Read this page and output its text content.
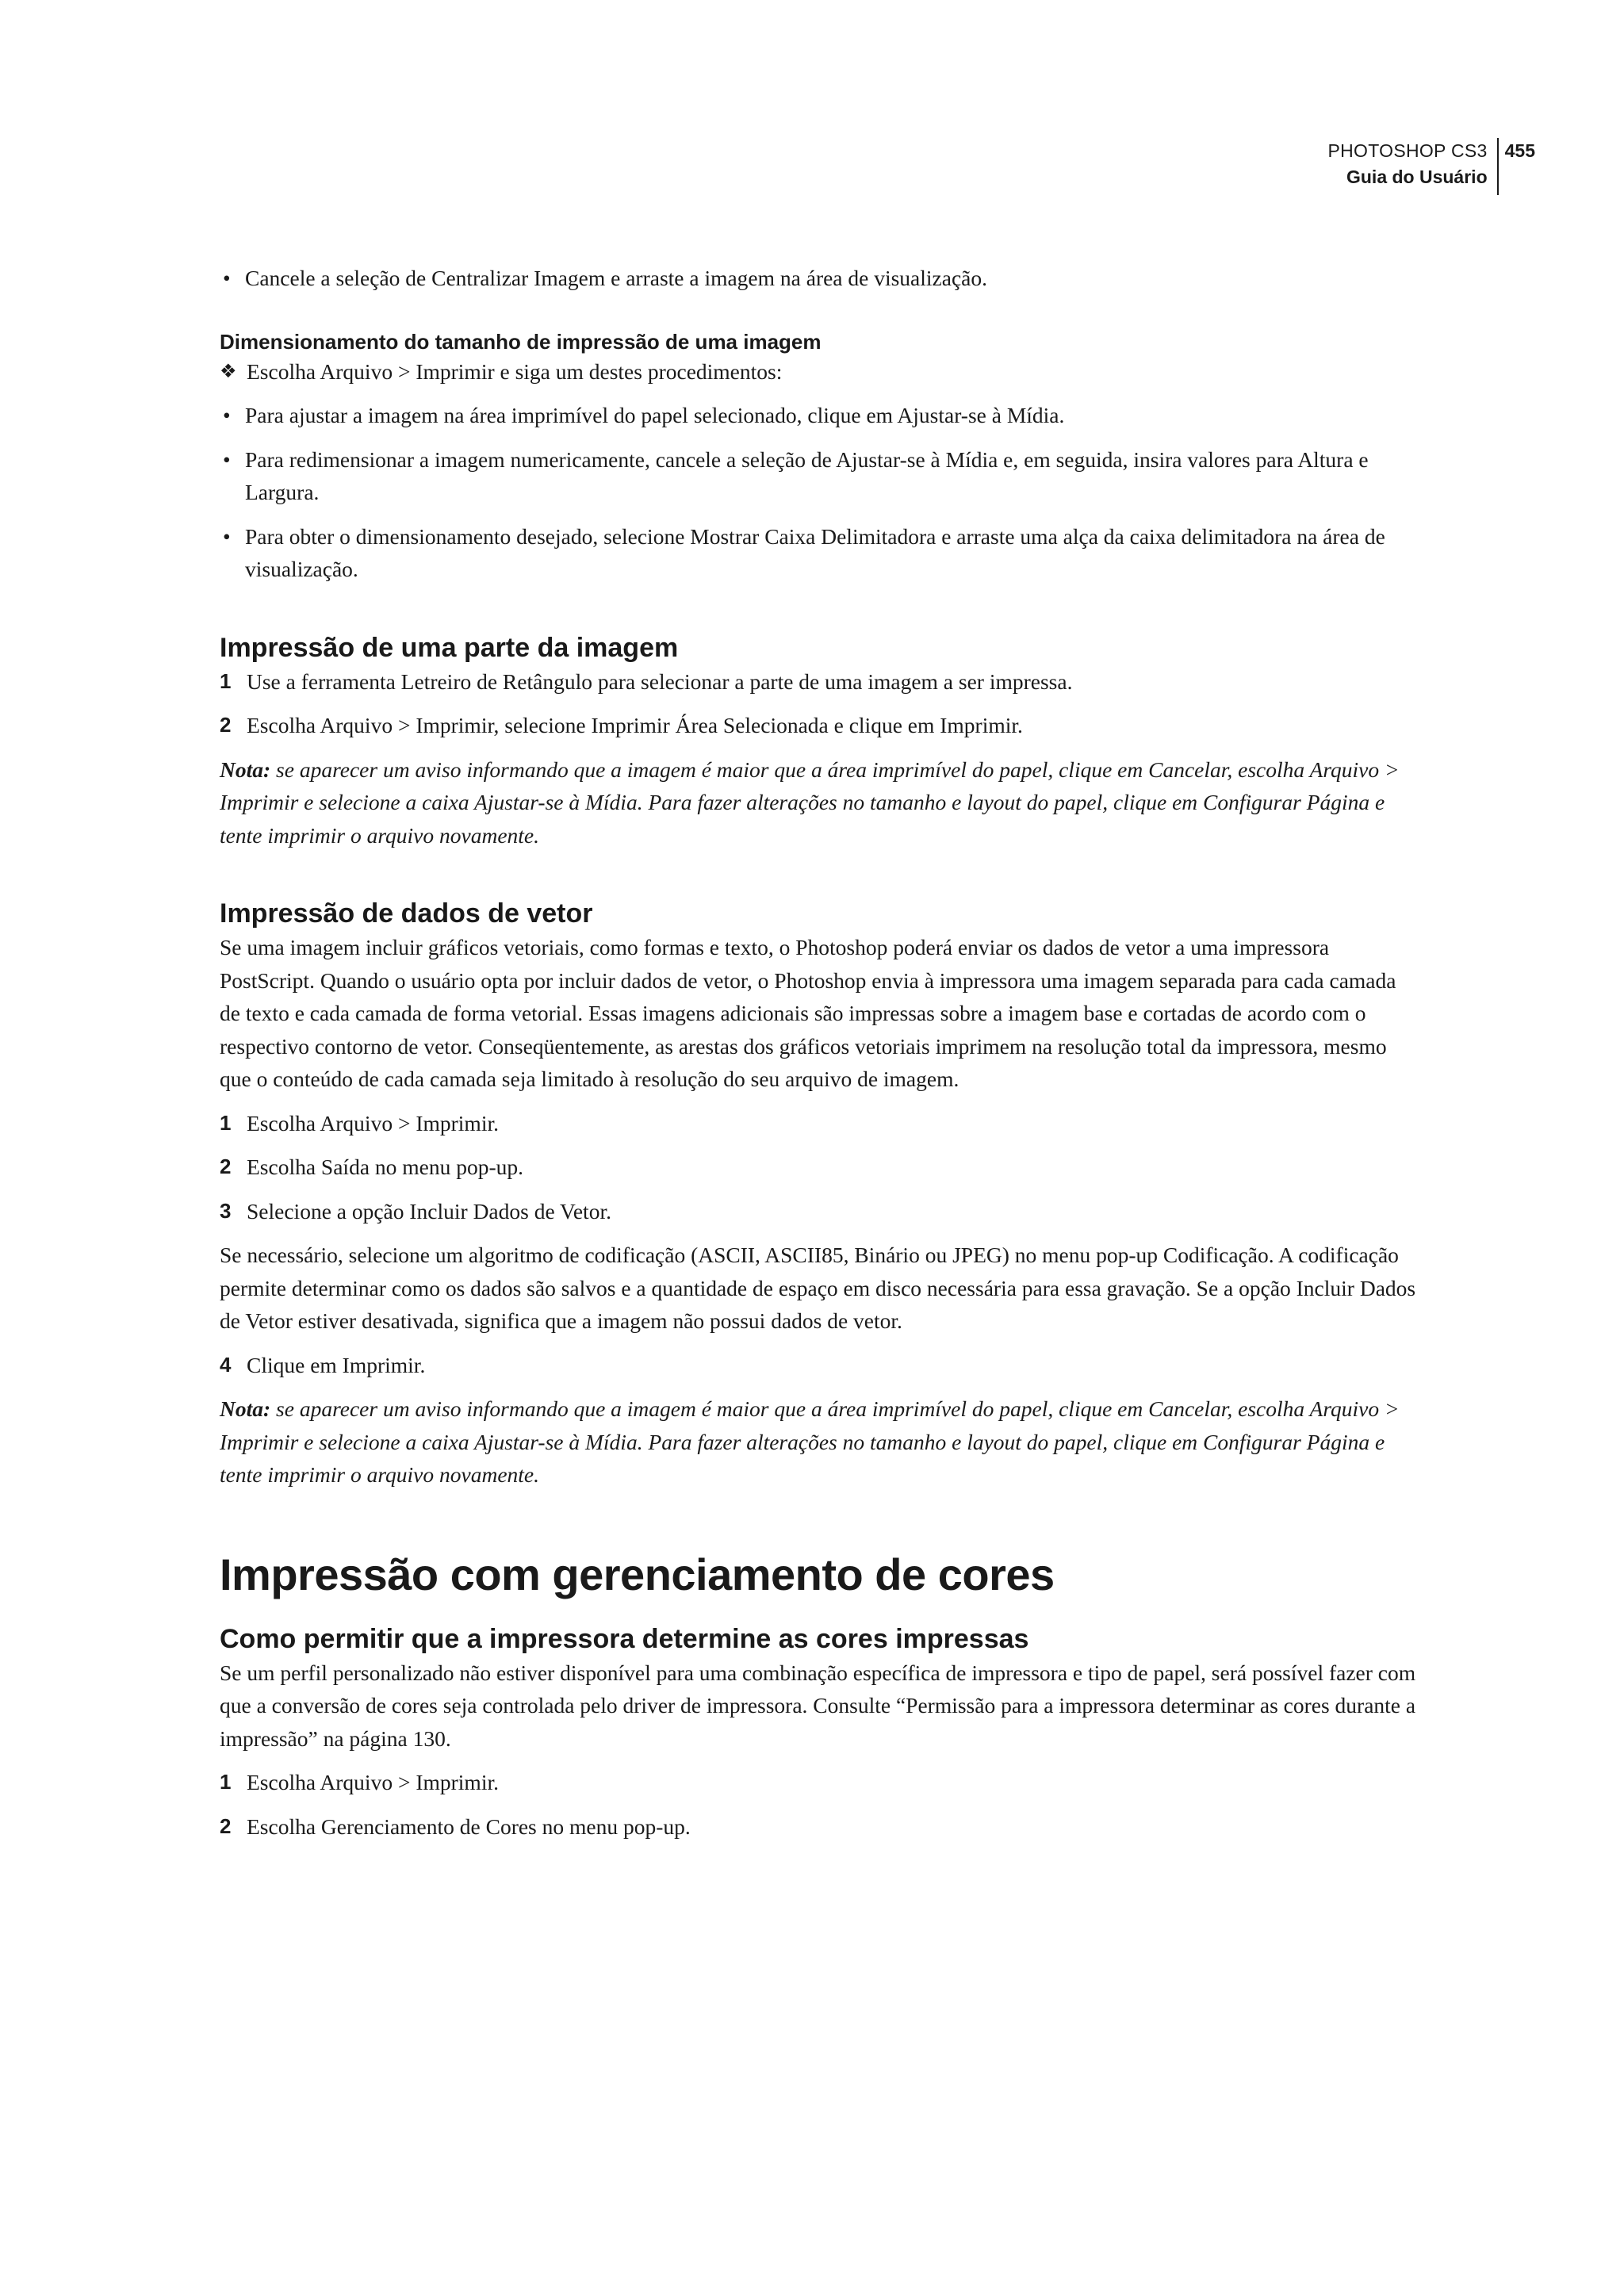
PHOTOSHOP CS3
Guia do Usuário
455
• Cancele a seleção de Centralizar Imagem e arraste a imagem na área de visualização.
Dimensionamento do tamanho de impressão de uma imagem
❖ Escolha Arquivo > Imprimir e siga um destes procedimentos:
• Para ajustar a imagem na área imprimível do papel selecionado, clique em Ajustar-se à Mídia.
• Para redimensionar a imagem numericamente, cancele a seleção de Ajustar-se à Mídia e, em seguida, insira valores para Altura e Largura.
• Para obter o dimensionamento desejado, selecione Mostrar Caixa Delimitadora e arraste uma alça da caixa delimitadora na área de visualização.
Impressão de uma parte da imagem
1 Use a ferramenta Letreiro de Retângulo para selecionar a parte de uma imagem a ser impressa.
2 Escolha Arquivo > Imprimir, selecione Imprimir Área Selecionada e clique em Imprimir.

Nota: se aparecer um aviso informando que a imagem é maior que a área imprimível do papel, clique em Cancelar, escolha Arquivo > Imprimir e selecione a caixa Ajustar-se à Mídia. Para fazer alterações no tamanho e layout do papel, clique em Configurar Página e tente imprimir o arquivo novamente.

Impressão de dados de vetor

Se uma imagem incluir gráficos vetoriais, como formas e texto, o Photoshop poderá enviar os dados de vetor a uma impressora PostScript. Quando o usuário opta por incluir dados de vetor, o Photoshop envia à impressora uma imagem separada para cada camada de texto e cada camada de forma vetorial. Essas imagens adicionais são impressas sobre a imagem base e cortadas de acordo com o respectivo contorno de vetor. Conseqüentemente, as arestas dos gráficos vetoriais imprimem na resolução total da impressora, mesmo que o conteúdo de cada camada seja limitado à resolução do seu arquivo de imagem.

1 Escolha Arquivo > Imprimir.
2 Escolha Saída no menu pop-up.
3 Selecione a opção Incluir Dados de Vetor.

Se necessário, selecione um algoritmo de codificação (ASCII, ASCII85, Binário ou JPEG) no menu pop-up Codificação. A codificação permite determinar como os dados são salvos e a quantidade de espaço em disco necessária para essa gravação. Se a opção Incluir Dados de Vetor estiver desativada, significa que a imagem não possui dados de vetor.

4 Clique em Imprimir.

Nota: se aparecer um aviso informando que a imagem é maior que a área imprimível do papel, clique em Cancelar, escolha Arquivo > Imprimir e selecione a caixa Ajustar-se à Mídia. Para fazer alterações no tamanho e layout do papel, clique em Configurar Página e tente imprimir o arquivo novamente.

Impressão com gerenciamento de cores
Como permitir que a impressora determine as cores impressas

Se um perfil personalizado não estiver disponível para uma combinação específica de impressora e tipo de papel, será possível fazer com que a conversão de cores seja controlada pelo driver de impressora. Consulte “Permissão para a impressora determinar as cores durante a impressão” na página 130.

1 Escolha Arquivo > Imprimir.
2 Escolha Gerenciamento de Cores no menu pop-up.
